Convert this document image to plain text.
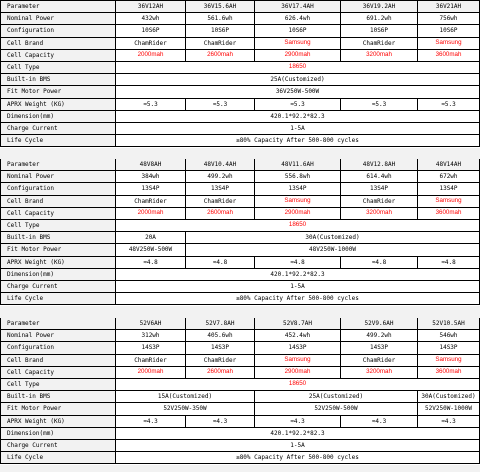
Parameter	36V12AH	36V15.6AH	36V17.4AH	36V19.2AH	36V21AH
Nominal Power	432wh	561.6wh	626.4wh	691.2wh	756wh
Configuration	10S6P	10S6P	10S6P	10S6P	10S6P
Cell Brand	ChamRider	ChamRider	Samsung	ChamRider	Samsung
Cell Capacity	2000mah	2600mah	2900mah	3200mah	3600mah
Cell Type	18650
Built-in BMS	25A(Customized)
Fit Motor Power	36V250W-500W
APRX Weight (KG)	≈5.3	≈5.3	≈5.3	≈5.3	≈5.3
Dimension(mm)	420.1*92.2*82.3
Charge Current	1-5A
Life Cycle	≥80% Capacity After 500-800 cycles
Parameter	48V8AH	48V10.4AH	48V11.6AH	48V12.8AH	48V14AH
Nominal Power	384wh	499.2wh	556.8wh	614.4wh	672wh
Configuration	13S4P	13S4P	13S4P	13S4P	13S4P
Cell Brand	ChamRider	ChamRider	Samsung	ChamRider	Samsung
Cell Capacity	2000mah	2600mah	2900mah	3200mah	3600mah
Cell Type	18650
Built-in BMS	20A	30A(Customized)
Fit Motor Power	48V250W-500W	48V250W-1000W
APRX Weight (KG)	≈4.8	≈4.8	≈4.8	≈4.8	≈4.8
Dimension(mm)	420.1*92.2*82.3
Charge Current	1-5A
Life Cycle	≥80% Capacity After 500-800 cycles
Parameter	52V6AH	52V7.8AH	52V8.7AH	52V9.6AH	52V10.5AH
Nominal Power	312wh	405.6wh	452.4wh	499.2wh	546wh
Configuration	14S3P	14S3P	14S3P	14S3P	14S3P
Cell Brand	ChamRider	ChamRider	Samsung	ChamRider	Samsung
Cell Capacity	2000mah	2600mah	2900mah	3200mah	3600mah
Cell Type	18650
Built-in BMS	15A(Customized)	25A(Customized)	30A(Customized)
Fit Motor Power	52V250W-350W	52V250W-500W	52V250W-1000W
APRX Weight (KG)	≈4.3	≈4.3	≈4.3	≈4.3	≈4.3
Dimension(mm)	420.1*92.2*82.3
Charge Current	1-5A
Life Cycle	≥80% Capacity After 500-800 cycles
